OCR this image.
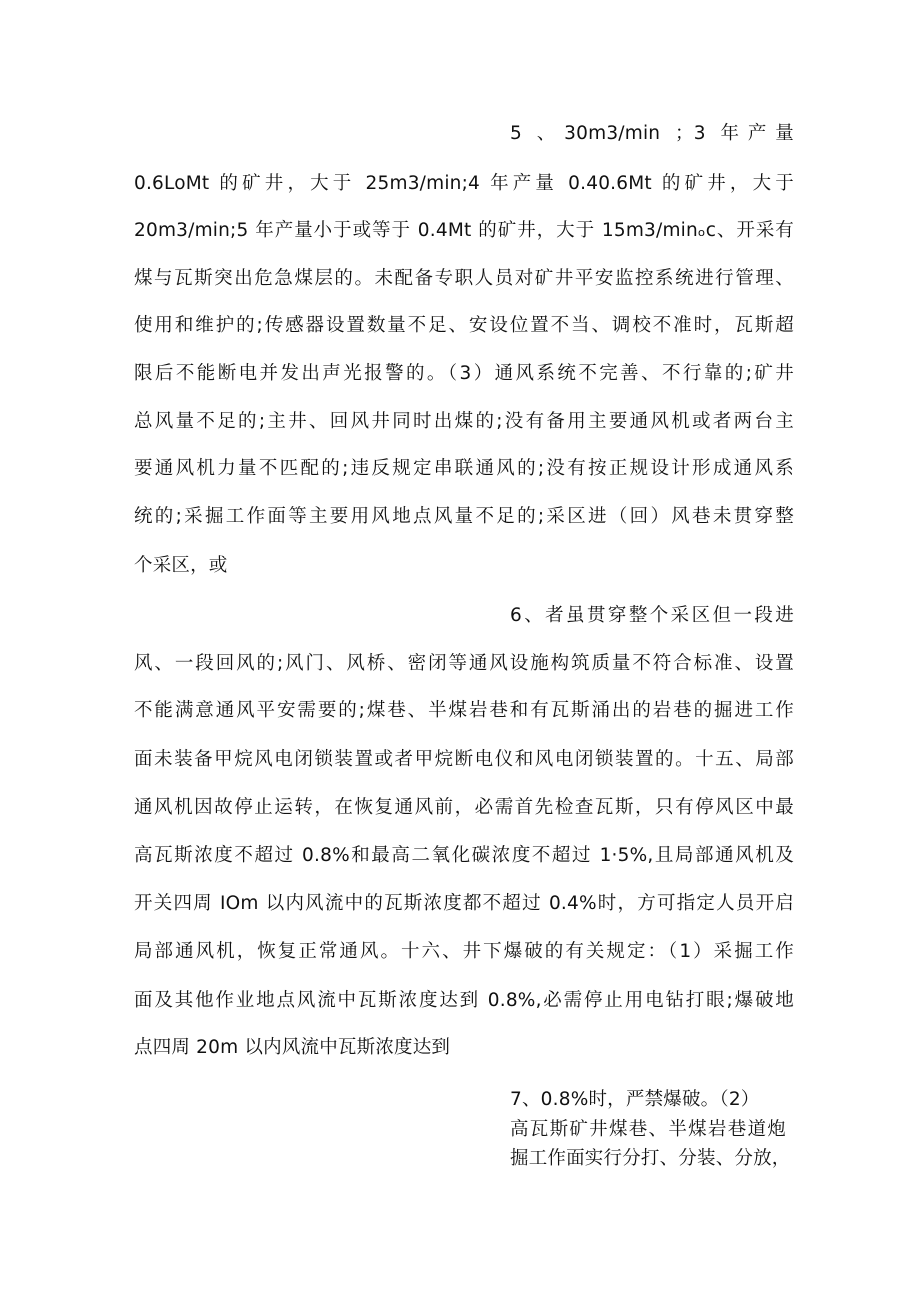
5 、30m3∕min ；3 年产量
0.6LoMt 的矿井，大于 25m3∕min;4 年产量 0.40.6Mt 的矿井，大于
20m3∕min;5 年产量小于或等于 0.4Mt 的矿井，大于 15m3∕minₒc、开采有
煤与瓦斯突出危急煤层的。未配备专职人员对矿井平安监控系统进行管理、
使用和维护的;传感器设置数量不足、安设位置不当、调校不准时，瓦斯超
限后不能断电并发出声光报警的。（3）通风系统不完善、不行靠的;矿井
总风量不足的;主井、回风井同时出煤的;没有备用主要通风机或者两台主
要通风机力量不匹配的;违反规定串联通风的;没有按正规设计形成通风系
统的;采掘工作面等主要用风地点风量不足的;采区进（回）风巷未贯穿整
个采区，或
6、者虽贯穿整个采区但一段进
风、一段回风的;风门、风桥、密闭等通风设施构筑质量不符合标准、设置
不能满意通风平安需要的;煤巷、半煤岩巷和有瓦斯涌出的岩巷的掘进工作
面未装备甲烷风电闭锁装置或者甲烷断电仪和风电闭锁装置的。十五、局部
通风机因故停止运转，在恢复通风前，必需首先检查瓦斯，只有停风区中最
高瓦斯浓度不超过 0.8%和最高二氧化碳浓度不超过 1·5%,且局部通风机及
开关四周 IOm 以内风流中的瓦斯浓度都不超过 0.4%时，方可指定人员开启
局部通风机，恢复正常通风。十六、井下爆破的有关规定：（1）采掘工作
面及其他作业地点风流中瓦斯浓度达到 0.8%,必需停止用电钻打眼;爆破地
点四周 20m 以内风流中瓦斯浓度达到
7、0.8%时，严禁爆破。（2）
高瓦斯矿井煤巷、半煤岩巷道炮
掘工作面实行分打、分装、分放，
